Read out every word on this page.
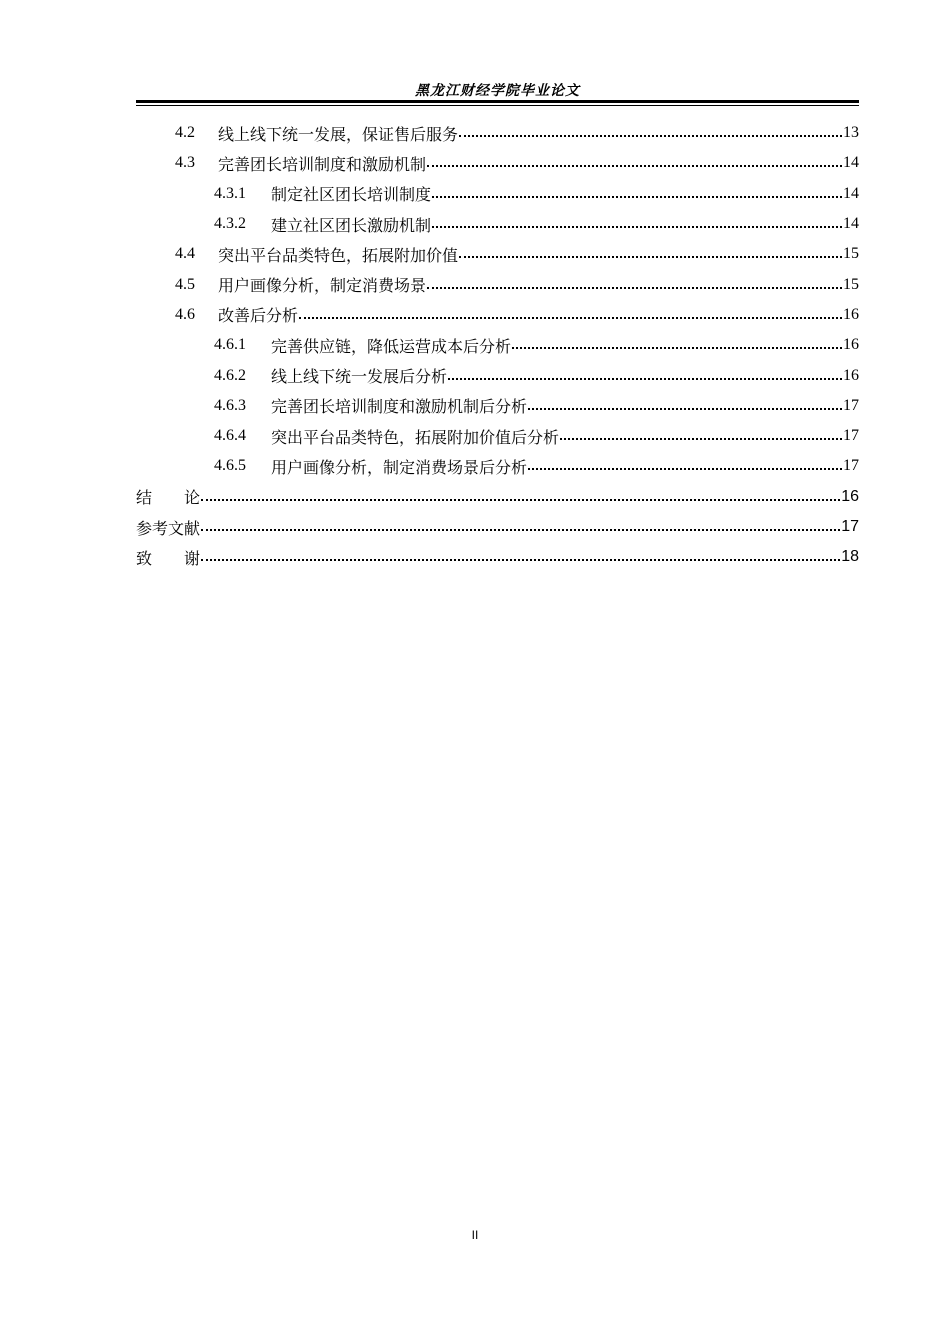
黑龙江财经学院毕业论文
4.2	线上线下统一发展，保证售后服务	13
4.3	完善团长培训制度和激励机制	14
4.3.1	制定社区团长培训制度	14
4.3.2	建立社区团长激励机制	14
4.4	突出平台品类特色，拓展附加价值	15
4.5	用户画像分析，制定消费场景	15
4.6	改善后分析	16
4.6.1	完善供应链，降低运营成本后分析	16
4.6.2	线上线下统一发展后分析	16
4.6.3	完善团长培训制度和激励机制后分析	17
4.6.4	突出平台品类特色，拓展附加价值后分析	17
4.6.5	用户画像分析，制定消费场景后分析	17
结　　论	16
参考文献	17
致　　谢	18
II
